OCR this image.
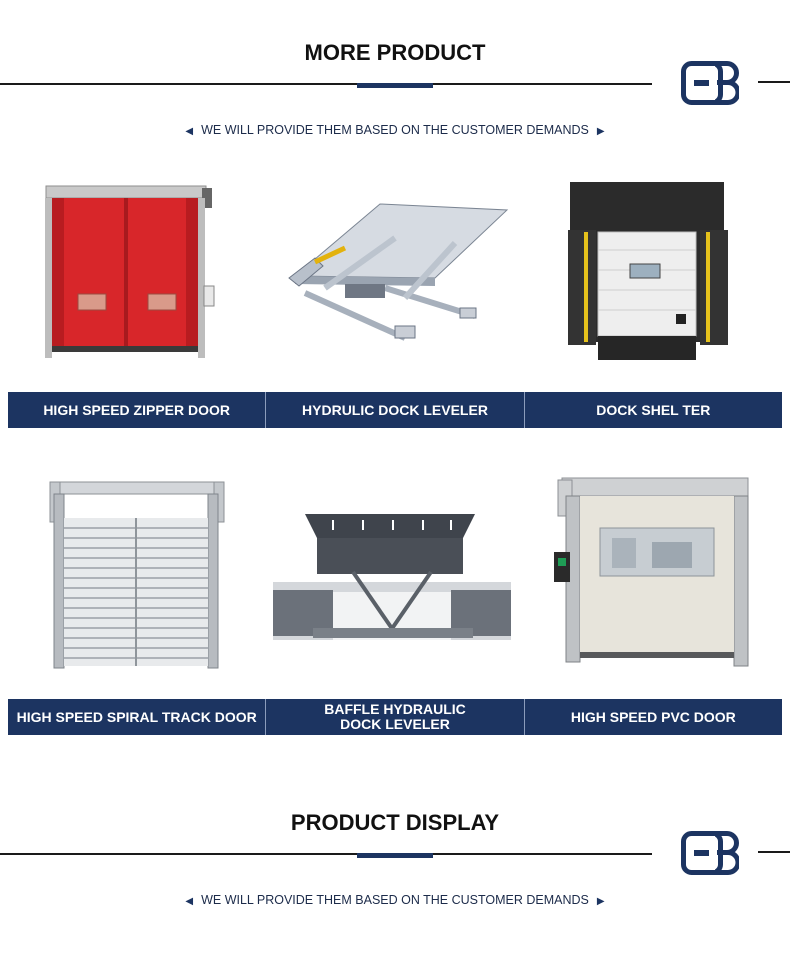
MORE PRODUCT
◀ WE WILL PROVIDE THEM BASED ON THE CUSTOMER DEMANDS ▶
HIGH SPEED ZIPPER DOOR	HYDRULIC DOCK LEVELER	DOCK SHEL TER
HIGH SPEED SPIRAL TRACK DOOR	BAFFLE HYDRAULIC
DOCK LEVELER	HIGH SPEED PVC DOOR
PRODUCT DISPLAY
◀ WE WILL PROVIDE THEM BASED ON THE CUSTOMER DEMANDS ▶
